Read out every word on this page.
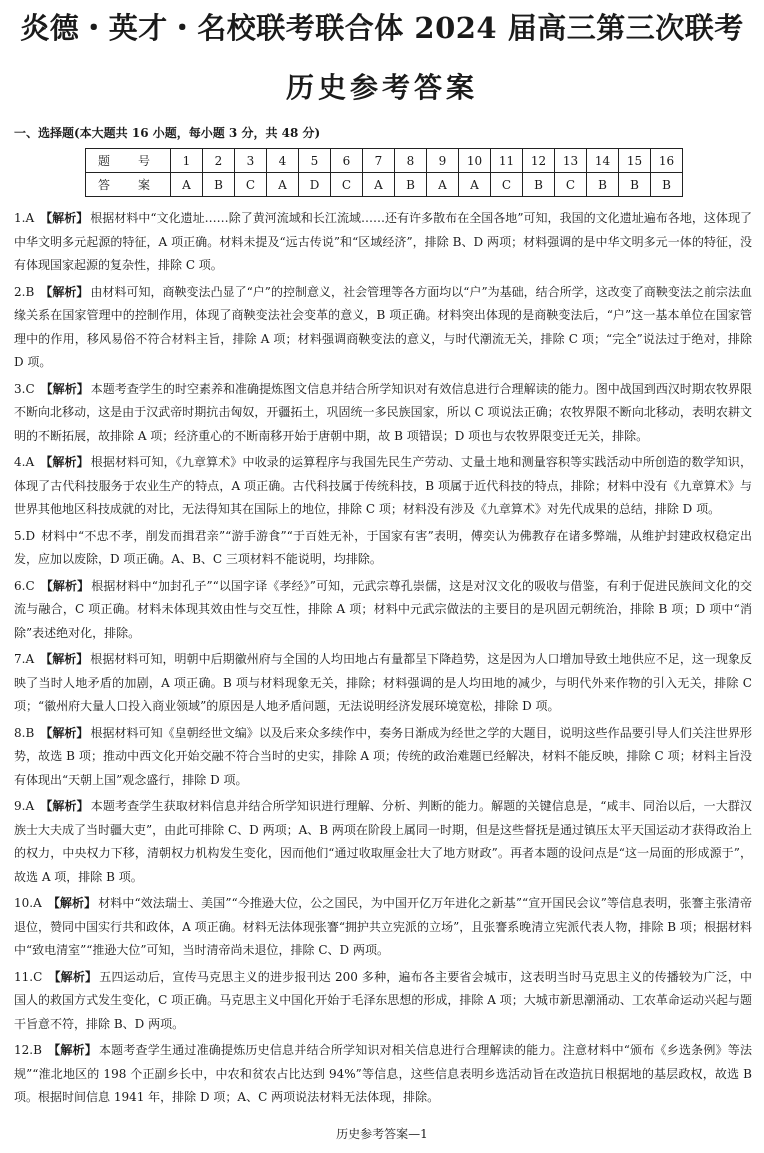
炎德・英才・名校联考联合体 2024 届高三第三次联考
历史参考答案
一、选择题(本大题共 16 小题，每小题 3 分，共 48 分)
题　号	1	2	3	4	5	6	7	8	9	10	11	12	13	14	15	16
答　案	A	B	C	A	D	C	A	B	A	A	C	B	C	B	B	B
1.A 【解析】 根据材料中“文化遗址……除了黄河流域和长江流域……还有许多散布在全国各地”可知，我国的文化遗址遍布各地，这体现了中华文明多元起源的特征，A 项正确。材料未提及“远古传说”和“区域经济”，排除 B、D 两项；材料强调的是中华文明多元一体的特征，没有体现国家起源的复杂性，排除 C 项。
2.B 【解析】 由材料可知，商鞅变法凸显了“户”的控制意义，社会管理等各方面均以“户”为基础，结合所学，这改变了商鞅变法之前宗法血缘关系在国家管理中的控制作用，体现了商鞅变法社会变革的意义，B 项正确。材料突出体现的是商鞅变法后，“户”这一基本单位在国家管理中的作用，移风易俗不符合材料主旨，排除 A 项；材料强调商鞅变法的意义，与时代潮流无关，排除 C 项；“完全”说法过于绝对，排除 D 项。
3.C 【解析】 本题考查学生的时空素养和准确提炼图文信息并结合所学知识对有效信息进行合理解读的能力。图中战国到西汉时期农牧界限不断向北移动，这是由于汉武帝时期抗击匈奴，开疆拓土，巩固统一多民族国家，所以 C 项说法正确；农牧界限不断向北移动，表明农耕文明的不断拓展，故排除 A 项；经济重心的不断南移开始于唐朝中期，故 B 项错误；D 项也与农牧界限变迁无关，排除。
4.A 【解析】 根据材料可知，《九章算术》中收录的运算程序与我国先民生产劳动、丈量土地和测量容积等实践活动中所创造的数学知识，体现了古代科技服务于农业生产的特点，A 项正确。古代科技属于传统科技，B 项属于近代科技的特点，排除；材料中没有《九章算术》与世界其他地区科技成就的对比，无法得知其在国际上的地位，排除 C 项；材料没有涉及《九章算术》对先代成果的总结，排除 D 项。
5.D 材料中“不忠不孝，削发而揖君亲”“游手游食”“于百姓无补，于国家有害”表明，傅奕认为佛教存在诸多弊端，从维护封建政权稳定出发，应加以废除，D 项正确。A、B、C 三项材料不能说明，均排除。
6.C 【解析】 根据材料中“加封孔子”“以国字译《孝经》”可知，元武宗尊孔崇儒，这是对汉文化的吸收与借鉴，有利于促进民族间文化的交流与融合，C 项正确。材料未体现其效由性与交互性，排除 A 项；材料中元武宗做法的主要目的是巩固元朝统治，排除 B 项；D 项中“消除”表述绝对化，排除。
7.A 【解析】 根据材料可知，明朝中后期徽州府与全国的人均田地占有量都呈下降趋势，这是因为人口增加导致土地供应不足，这一现象反映了当时人地矛盾的加剧，A 项正确。B 项与材料现象无关，排除；材料强调的是人均田地的减少，与明代外来作物的引入无关，排除 C 项；“徽州府大量人口投入商业领域”的原因是人地矛盾问题，无法说明经济发展环境宽松，排除 D 项。
8.B 【解析】 根据材料可知《皇朝经世文编》以及后来众多续作中，奏务日渐成为经世之学的大题目，说明这些作品要引导人们关注世界形势，故选 B 项；推动中西文化开始交融不符合当时的史实，排除 A 项；传统的政治难题已经解决，材料不能反映，排除 C 项；材料主旨没有体现出“天朝上国”观念盛行，排除 D 项。
9.A 【解析】 本题考查学生获取材料信息并结合所学知识进行理解、分析、判断的能力。解题的关键信息是，“咸丰、同治以后，一大群汉族士大夫成了当时疆大吏”，由此可排除 C、D 两项；A、B 两项在阶段上属同一时期，但是这些督抚是通过镇压太平天国运动才获得政治上的权力，中央权力下移，清朝权力机构发生变化，因而他们“通过收取厘金壮大了地方财政”。再者本题的设问点是“这一局面的形成源于”，故选 A 项，排除 B 项。
10.A 【解析】 材料中“效法瑞士、美国”“今推逊大位，公之国民，为中国开亿万年进化之新基”“宣开国民会议”等信息表明，张謇主张清帝退位，赞同中国实行共和政体，A 项正确。材料无法体现张謇“拥护共立宪派的立场”，且张謇系晚清立宪派代表人物，排除 B 项；根据材料中“致电清室”“推逊大位”可知，当时清帝尚未退位，排除 C、D 两项。
11.C 【解析】 五四运动后，宣传马克思主义的进步报刊达 200 多种，遍布各主要省会城市，这表明当时马克思主义的传播较为广泛，中国人的救国方式发生变化，C 项正确。马克思主义中国化开始于毛泽东思想的形成，排除 A 项；大城市新思潮涌动、工农革命运动兴起与题干旨意不符，排除 B、D 两项。
12.B 【解析】 本题考查学生通过准确提炼历史信息并结合所学知识对相关信息进行合理解读的能力。注意材料中“颁布《乡选条例》等法规”“淮北地区的 198 个正副乡长中，中农和贫农占比达到 94%”等信息，这些信息表明乡选活动旨在改造抗日根据地的基层政权，故选 B 项。根据时间信息 1941 年，排除 D 项；A、C 两项说法材料无法体现，排除。
历史参考答案—1
